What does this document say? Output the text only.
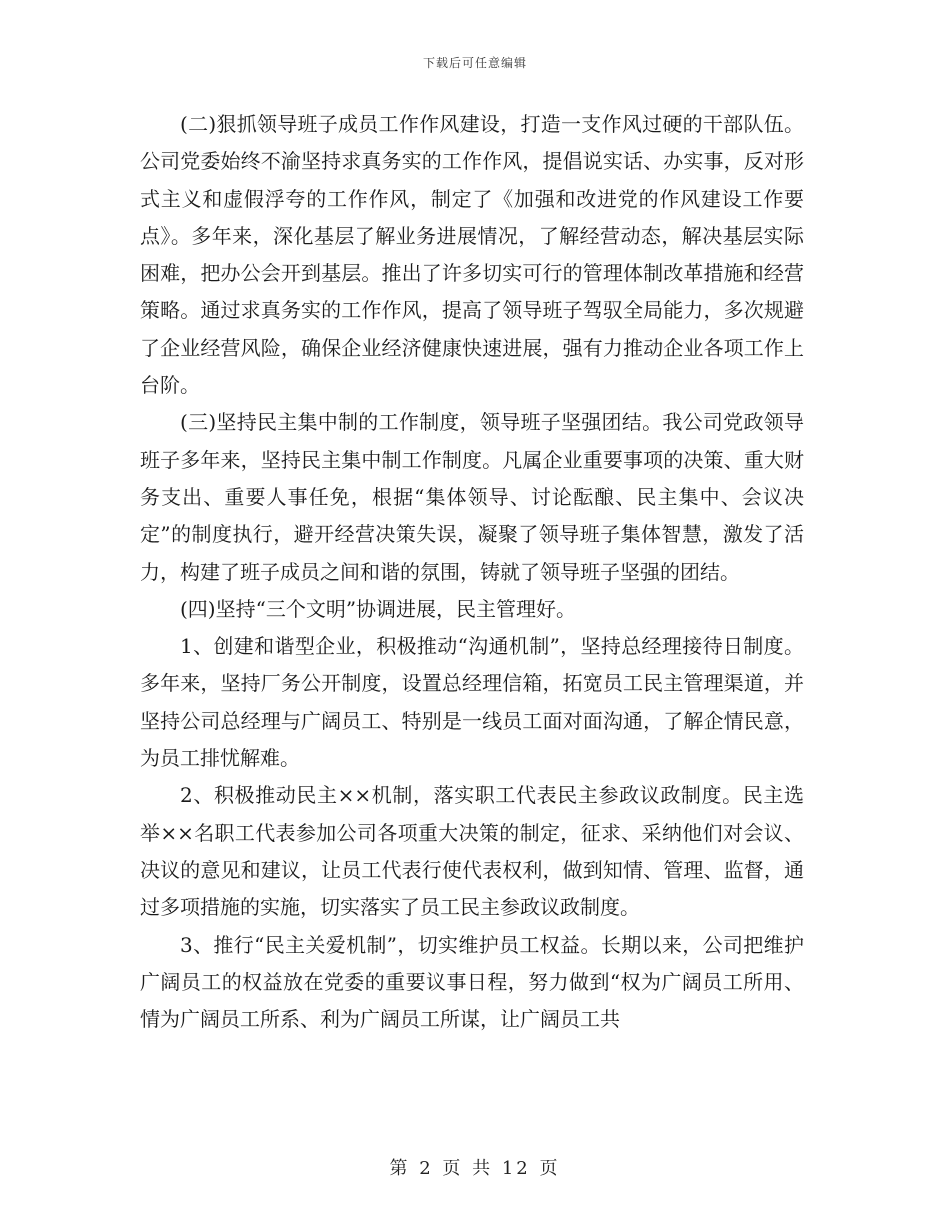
下载后可任意编辑

(二)狠抓领导班子成员工作作风建设，打造一支作风过硬的干部队伍。公司党委始终不渝坚持求真务实的工作作风，提倡说实话、办实事，反对形式主义和虚假浮夸的工作作风，制定了《加强和改进党的作风建设工作要点》。多年来，深化基层了解业务进展情况，了解经营动态，解决基层实际困难，把办公会开到基层。推出了许多切实可行的管理体制改革措施和经营策略。通过求真务实的工作作风，提高了领导班子驾驭全局能力，多次规避了企业经营风险，确保企业经济健康快速进展，强有力推动企业各项工作上台阶。

(三)坚持民主集中制的工作制度，领导班子坚强团结。我公司党政领导班子多年来，坚持民主集中制工作制度。凡属企业重要事项的决策、重大财务支出、重要人事任免，根据“集体领导、讨论酝酿、民主集中、会议决定”的制度执行，避开经营决策失误，凝聚了领导班子集体智慧，激发了活力，构建了班子成员之间和谐的氛围，铸就了领导班子坚强的团结。

(四)坚持“三个文明”协调进展，民主管理好。

1、创建和谐型企业，积极推动“沟通机制”，坚持总经理接待日制度。多年来，坚持厂务公开制度，设置总经理信箱，拓宽员工民主管理渠道，并坚持公司总经理与广阔员工、特别是一线员工面对面沟通，了解企情民意，为员工排忧解难。

2、积极推动民主××机制，落实职工代表民主参政议政制度。民主选举××名职工代表参加公司各项重大决策的制定，征求、采纳他们对会议、决议的意见和建议，让员工代表行使代表权利，做到知情、管理、监督，通过多项措施的实施，切实落实了员工民主参政议政制度。

3、推行“民主关爱机制”，切实维护员工权益。长期以来，公司把维护广阔员工的权益放在党委的重要议事日程，努力做到“权为广阔员工所用、情为广阔员工所系、利为广阔员工所谋，让广阔员工共

第 2 页 共 12 页
